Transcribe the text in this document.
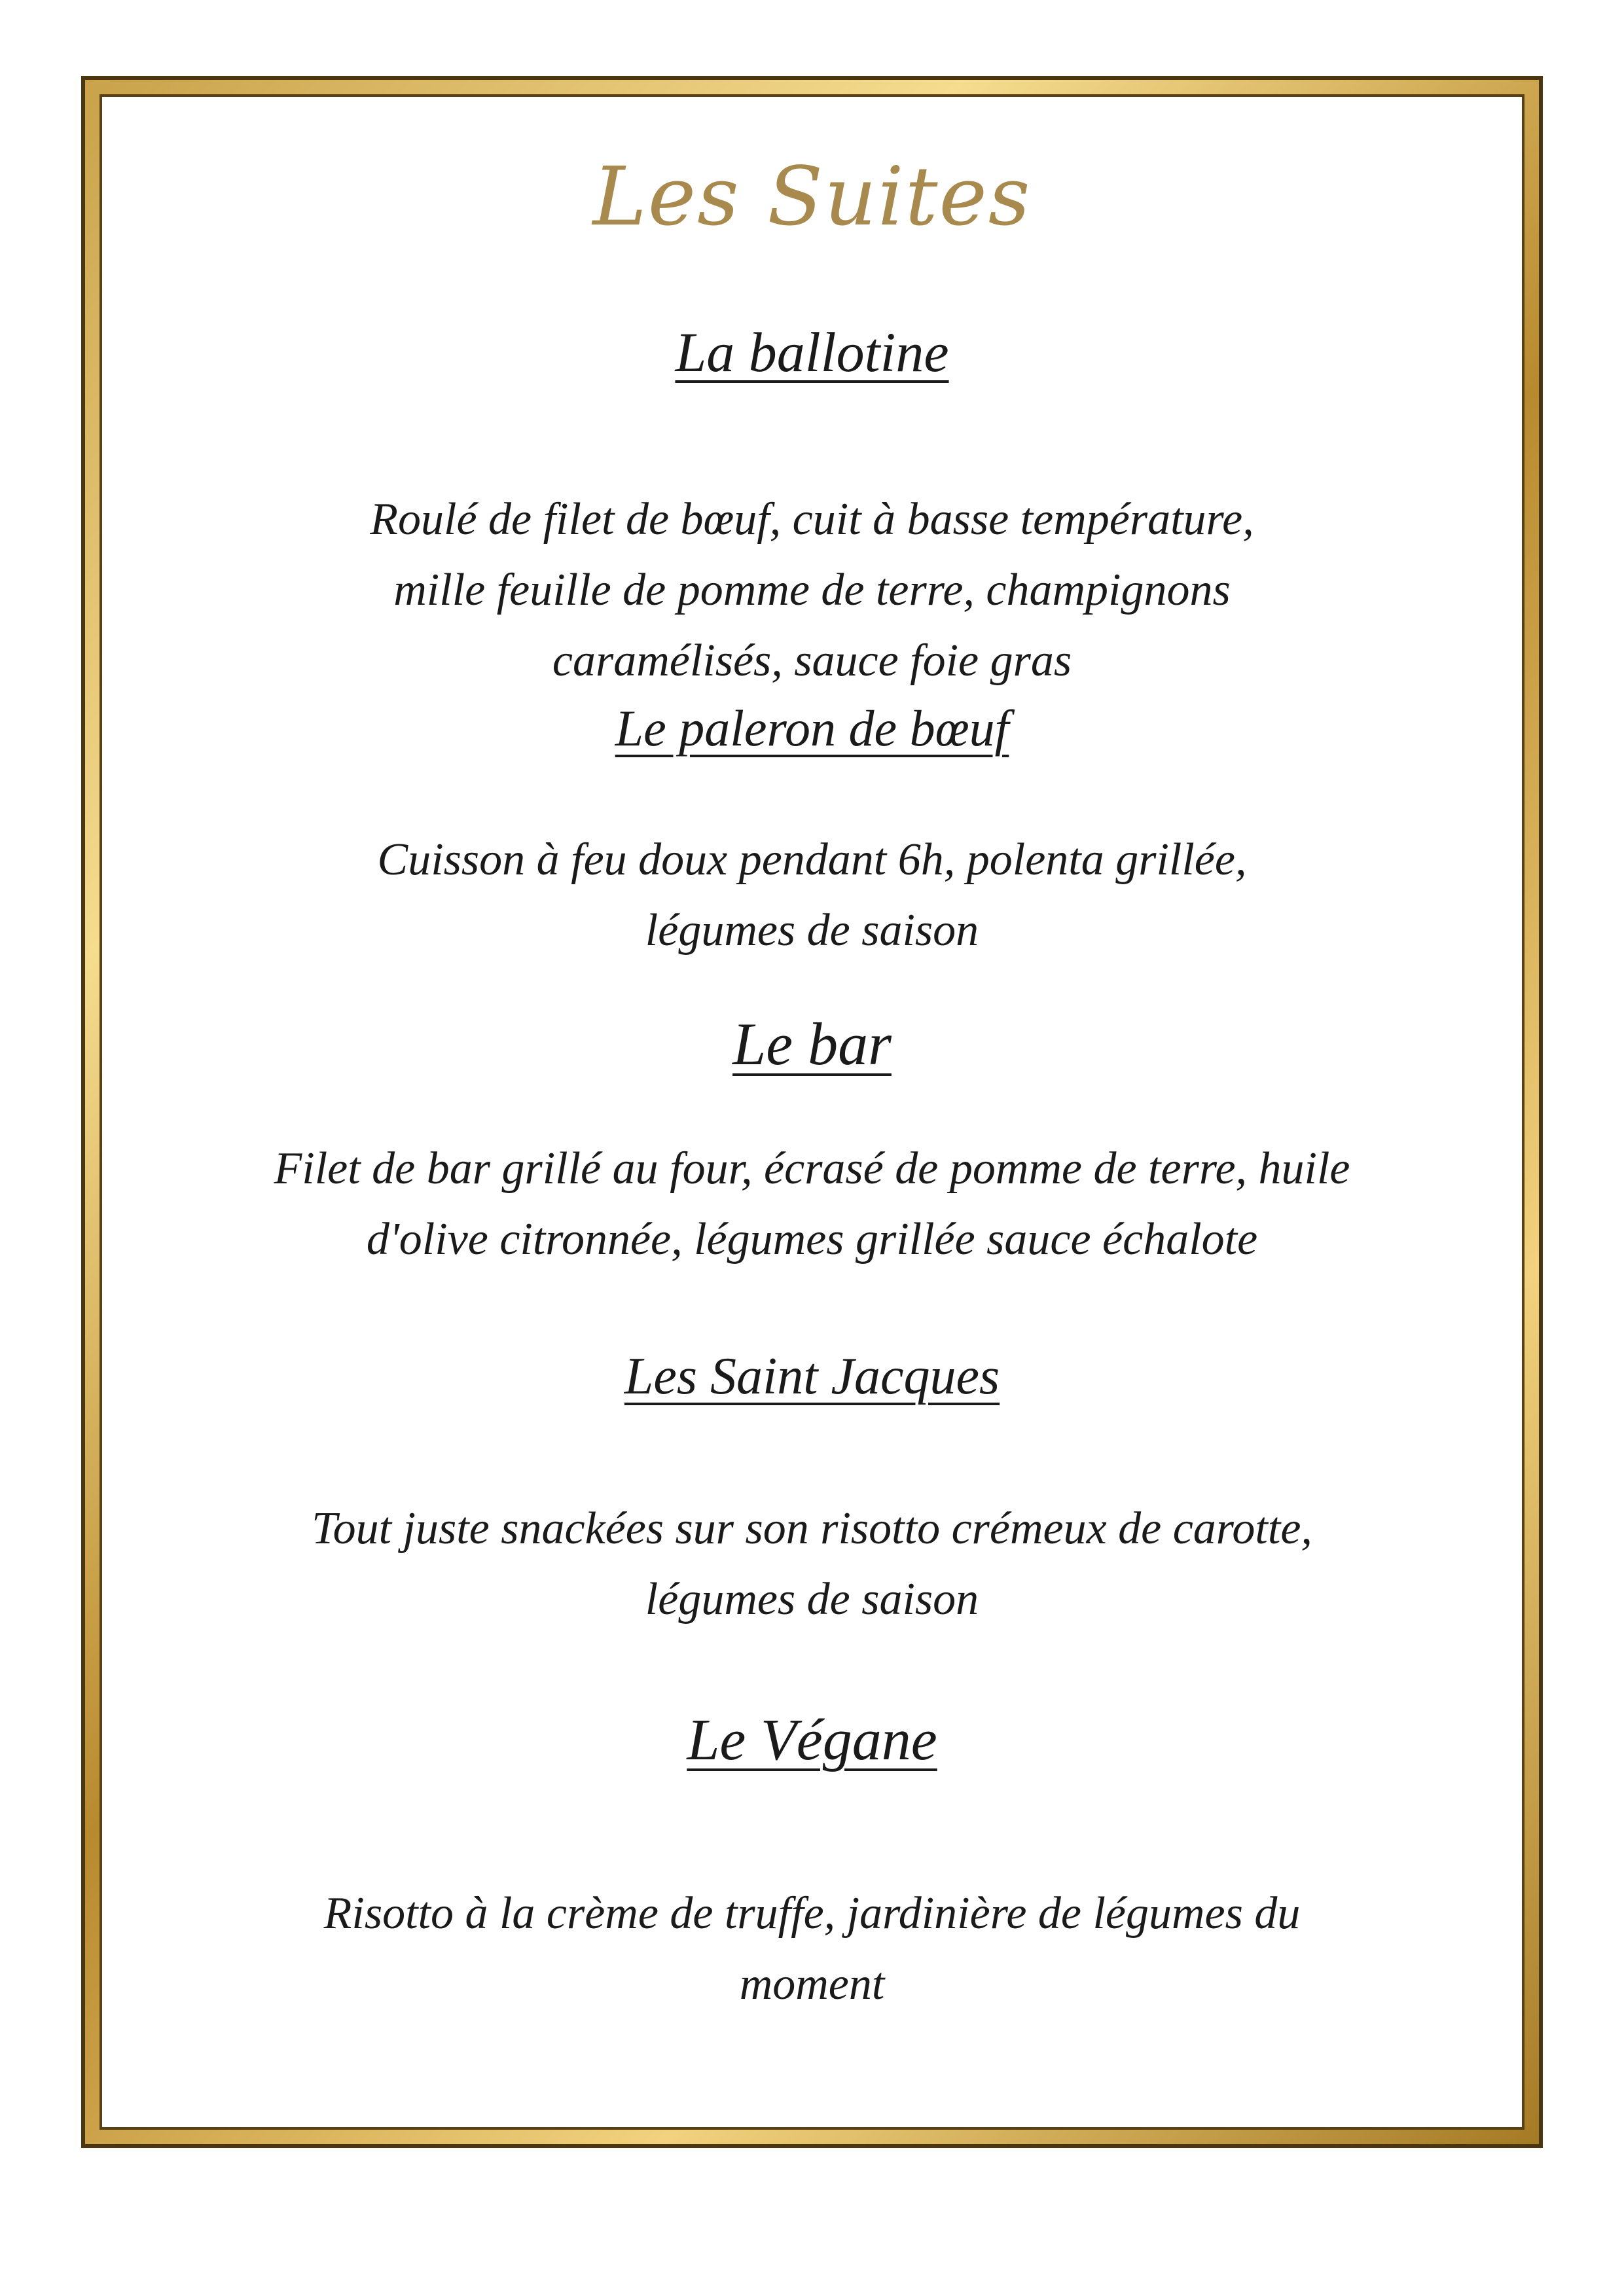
Les Suites
La ballotine
Roulé de filet de bœuf, cuit à basse température,
mille feuille de pomme de terre, champignons
caramélisés, sauce foie gras
Le paleron de bœuf
Cuisson à feu doux pendant 6h, polenta grillée,
légumes de saison
Le bar
Filet de bar grillé au four, écrasé de pomme de terre, huile
d'olive citronnée, légumes grillée sauce échalote
Les Saint Jacques
Tout juste snackées sur son risotto crémeux de carotte,
légumes de saison
Le Végane
Risotto à la crème de truffe, jardinière de légumes du
moment
